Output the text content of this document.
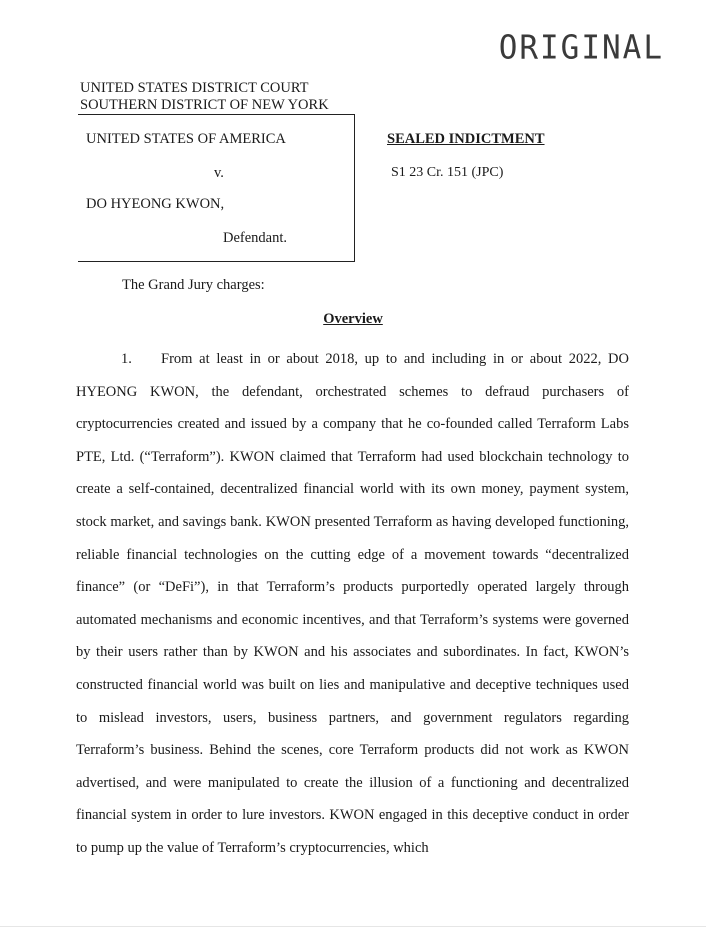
ORIGINAL
UNITED STATES DISTRICT COURT
SOUTHERN DISTRICT OF NEW YORK
UNITED STATES OF AMERICA
v.
DO HYEONG KWON,
Defendant.
SEALED INDICTMENT
S1 23 Cr. 151 (JPC)
The Grand Jury charges:
Overview

1. From at least in or about 2018, up to and including in or about 2022, DO HYEONG KWON, the defendant, orchestrated schemes to defraud purchasers of cryptocurrencies created and issued by a company that he co-founded called Terraform Labs PTE, Ltd. (“Terraform”). KWON claimed that Terraform had used blockchain technology to create a self-contained, decentralized financial world with its own money, payment system, stock market, and savings bank. KWON presented Terraform as having developed functioning, reliable financial technologies on the cutting edge of a movement towards “decentralized finance” (or “DeFi”), in that Terraform’s products purportedly operated largely through automated mechanisms and economic incentives, and that Terraform’s systems were governed by their users rather than by KWON and his associates and subordinates. In fact, KWON’s constructed financial world was built on lies and manipulative and deceptive techniques used to mislead investors, users, business partners, and government regulators regarding Terraform’s business. Behind the scenes, core Terraform products did not work as KWON advertised, and were manipulated to create the illusion of a functioning and decentralized financial system in order to lure investors. KWON engaged in this deceptive conduct in order to pump up the value of Terraform’s cryptocurrencies, which
